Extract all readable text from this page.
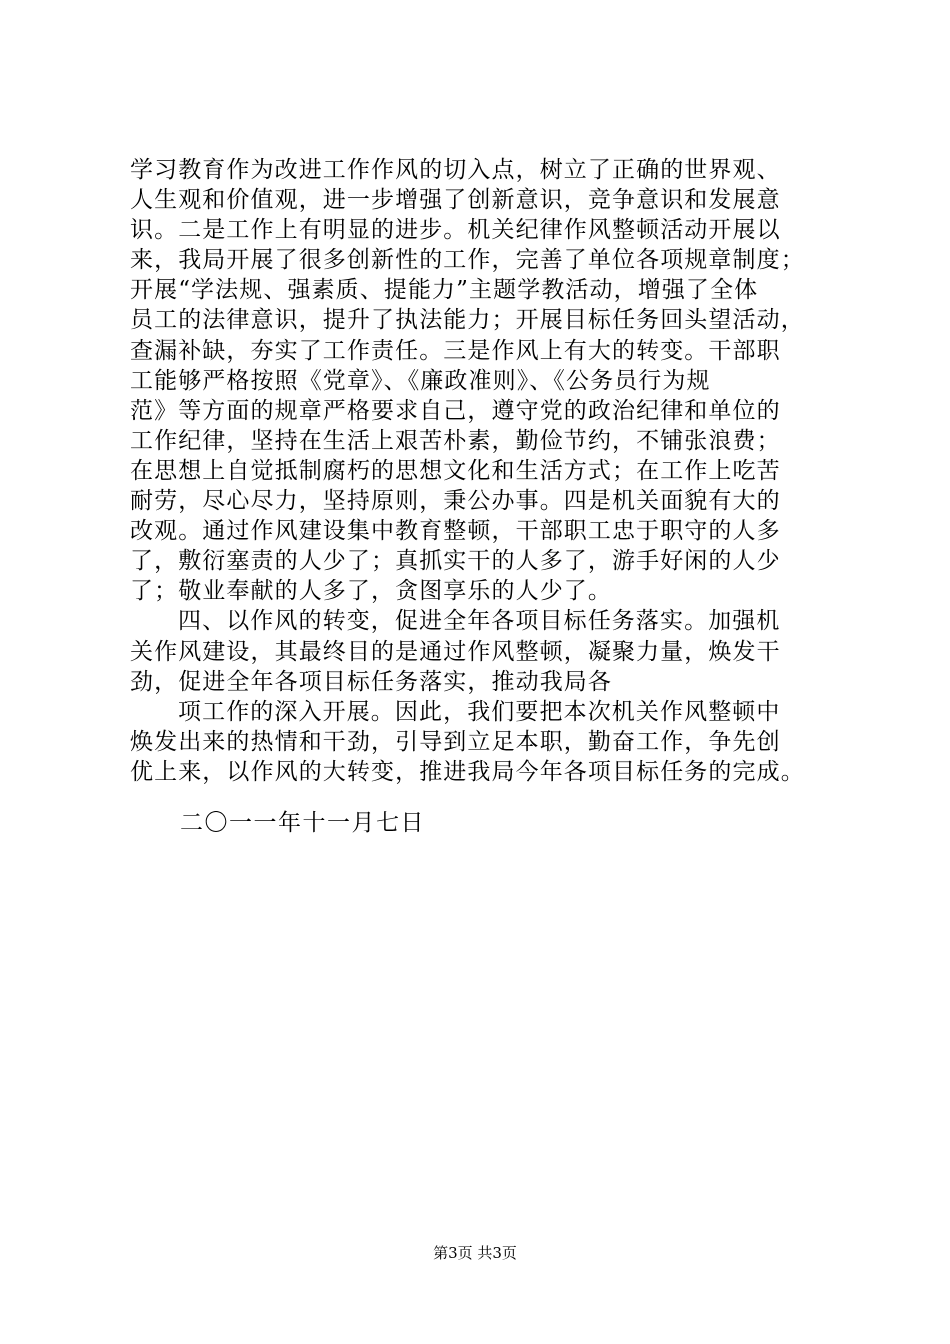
学习教育作为改进工作作风的切入点，树立了正确的世界观、
人生观和价值观，进一步增强了创新意识，竞争意识和发展意
识。二是工作上有明显的进步。机关纪律作风整顿活动开展以
来，我局开展了很多创新性的工作，完善了单位各项规章制度；
开展“学法规、强素质、提能力”主题学教活动，增强了全体
员工的法律意识，提升了执法能力；开展目标任务回头望活动，
查漏补缺，夯实了工作责任。三是作风上有大的转变。干部职
工能够严格按照《党章》、《廉政准则》、《公务员行为规
范》等方面的规章严格要求自己，遵守党的政治纪律和单位的
工作纪律，坚持在生活上艰苦朴素，勤俭节约，不铺张浪费；
在思想上自觉抵制腐朽的思想文化和生活方式；在工作上吃苦
耐劳，尽心尽力，坚持原则，秉公办事。四是机关面貌有大的
改观。通过作风建设集中教育整顿，干部职工忠于职守的人多
了，敷衍塞责的人少了；真抓实干的人多了，游手好闲的人少
了；敬业奉献的人多了，贪图享乐的人少了。
四、以作风的转变，促进全年各项目标任务落实。加强机
关作风建设，其最终目的是通过作风整顿，凝聚力量，焕发干
劲，促进全年各项目标任务落实，推动我局各
项工作的深入开展。因此，我们要把本次机关作风整顿中
焕发出来的热情和干劲，引导到立足本职，勤奋工作，争先创
优上来，以作风的大转变，推进我局今年各项目标任务的完成。
二〇一一年十一月七日
第3页 共3页
